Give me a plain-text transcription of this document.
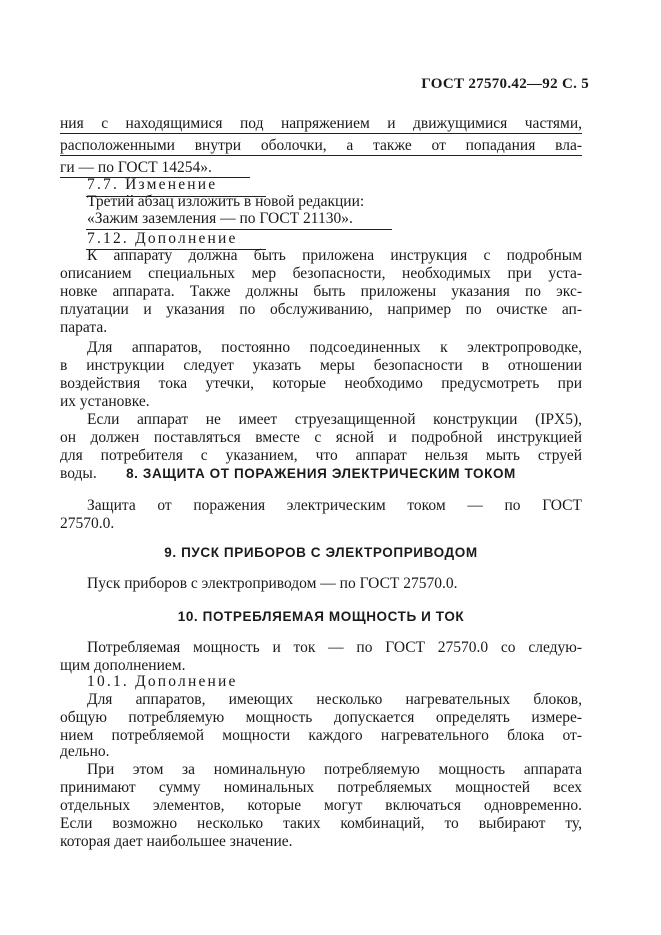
ГОСТ 27570.42—92 С. 5
ния с находящимися под напряжением и движущимися частями,
расположенными внутри оболочки, а также от попадания вла-
ги — по ГОСТ 14254».
7.7. Изменение
Третий абзац изложить в новой редакции:
«Зажим заземления — по ГОСТ 21130».
7.12. Дополнение
К аппарату должна быть приложена инструкция с подробным
описанием специальных мер безопасности, необходимых при уста-
новке аппарата. Также должны быть приложены указания по экс-
плуатации и указания по обслуживанию, например по очистке ап-
парата.
Для аппаратов, постоянно подсоединенных к электропроводке,
в инструкции следует указать меры безопасности в отношении
воздействия тока утечки, которые необходимо предусмотреть при
их установке.
Если аппарат не имеет струезащищенной конструкции (IPX5),
он должен поставляться вместе с ясной и подробной инструкцией
для потребителя с указанием, что аппарат нельзя мыть струей
воды.	8. ЗАЩИТА ОТ ПОРАЖЕНИЯ ЭЛЕКТРИЧЕСКИМ ТОКОМ
Защита от поражения электрическим током — по ГОСТ
27570.0.
9. ПУСК ПРИБОРОВ С ЭЛЕКТРОПРИВОДОМ
Пуск приборов с электроприводом — по ГОСТ 27570.0.
10. ПОТРЕБЛЯЕМАЯ МОЩНОСТЬ И ТОК
Потребляемая мощность и ток — по ГОСТ 27570.0 со следую-
щим дополнением.
10.1. Дополнение
Для аппаратов, имеющих несколько нагревательных блоков,
общую потребляемую мощность допускается определять измере-
нием потребляемой мощности каждого нагревательного блока от-
дельно.
При этом за номинальную потребляемую мощность аппарата
принимают сумму номинальных потребляемых мощностей всех
отдельных элементов, которые могут включаться одновременно.
Если возможно несколько таких комбинаций, то выбирают ту,
которая дает наибольшее значение.
